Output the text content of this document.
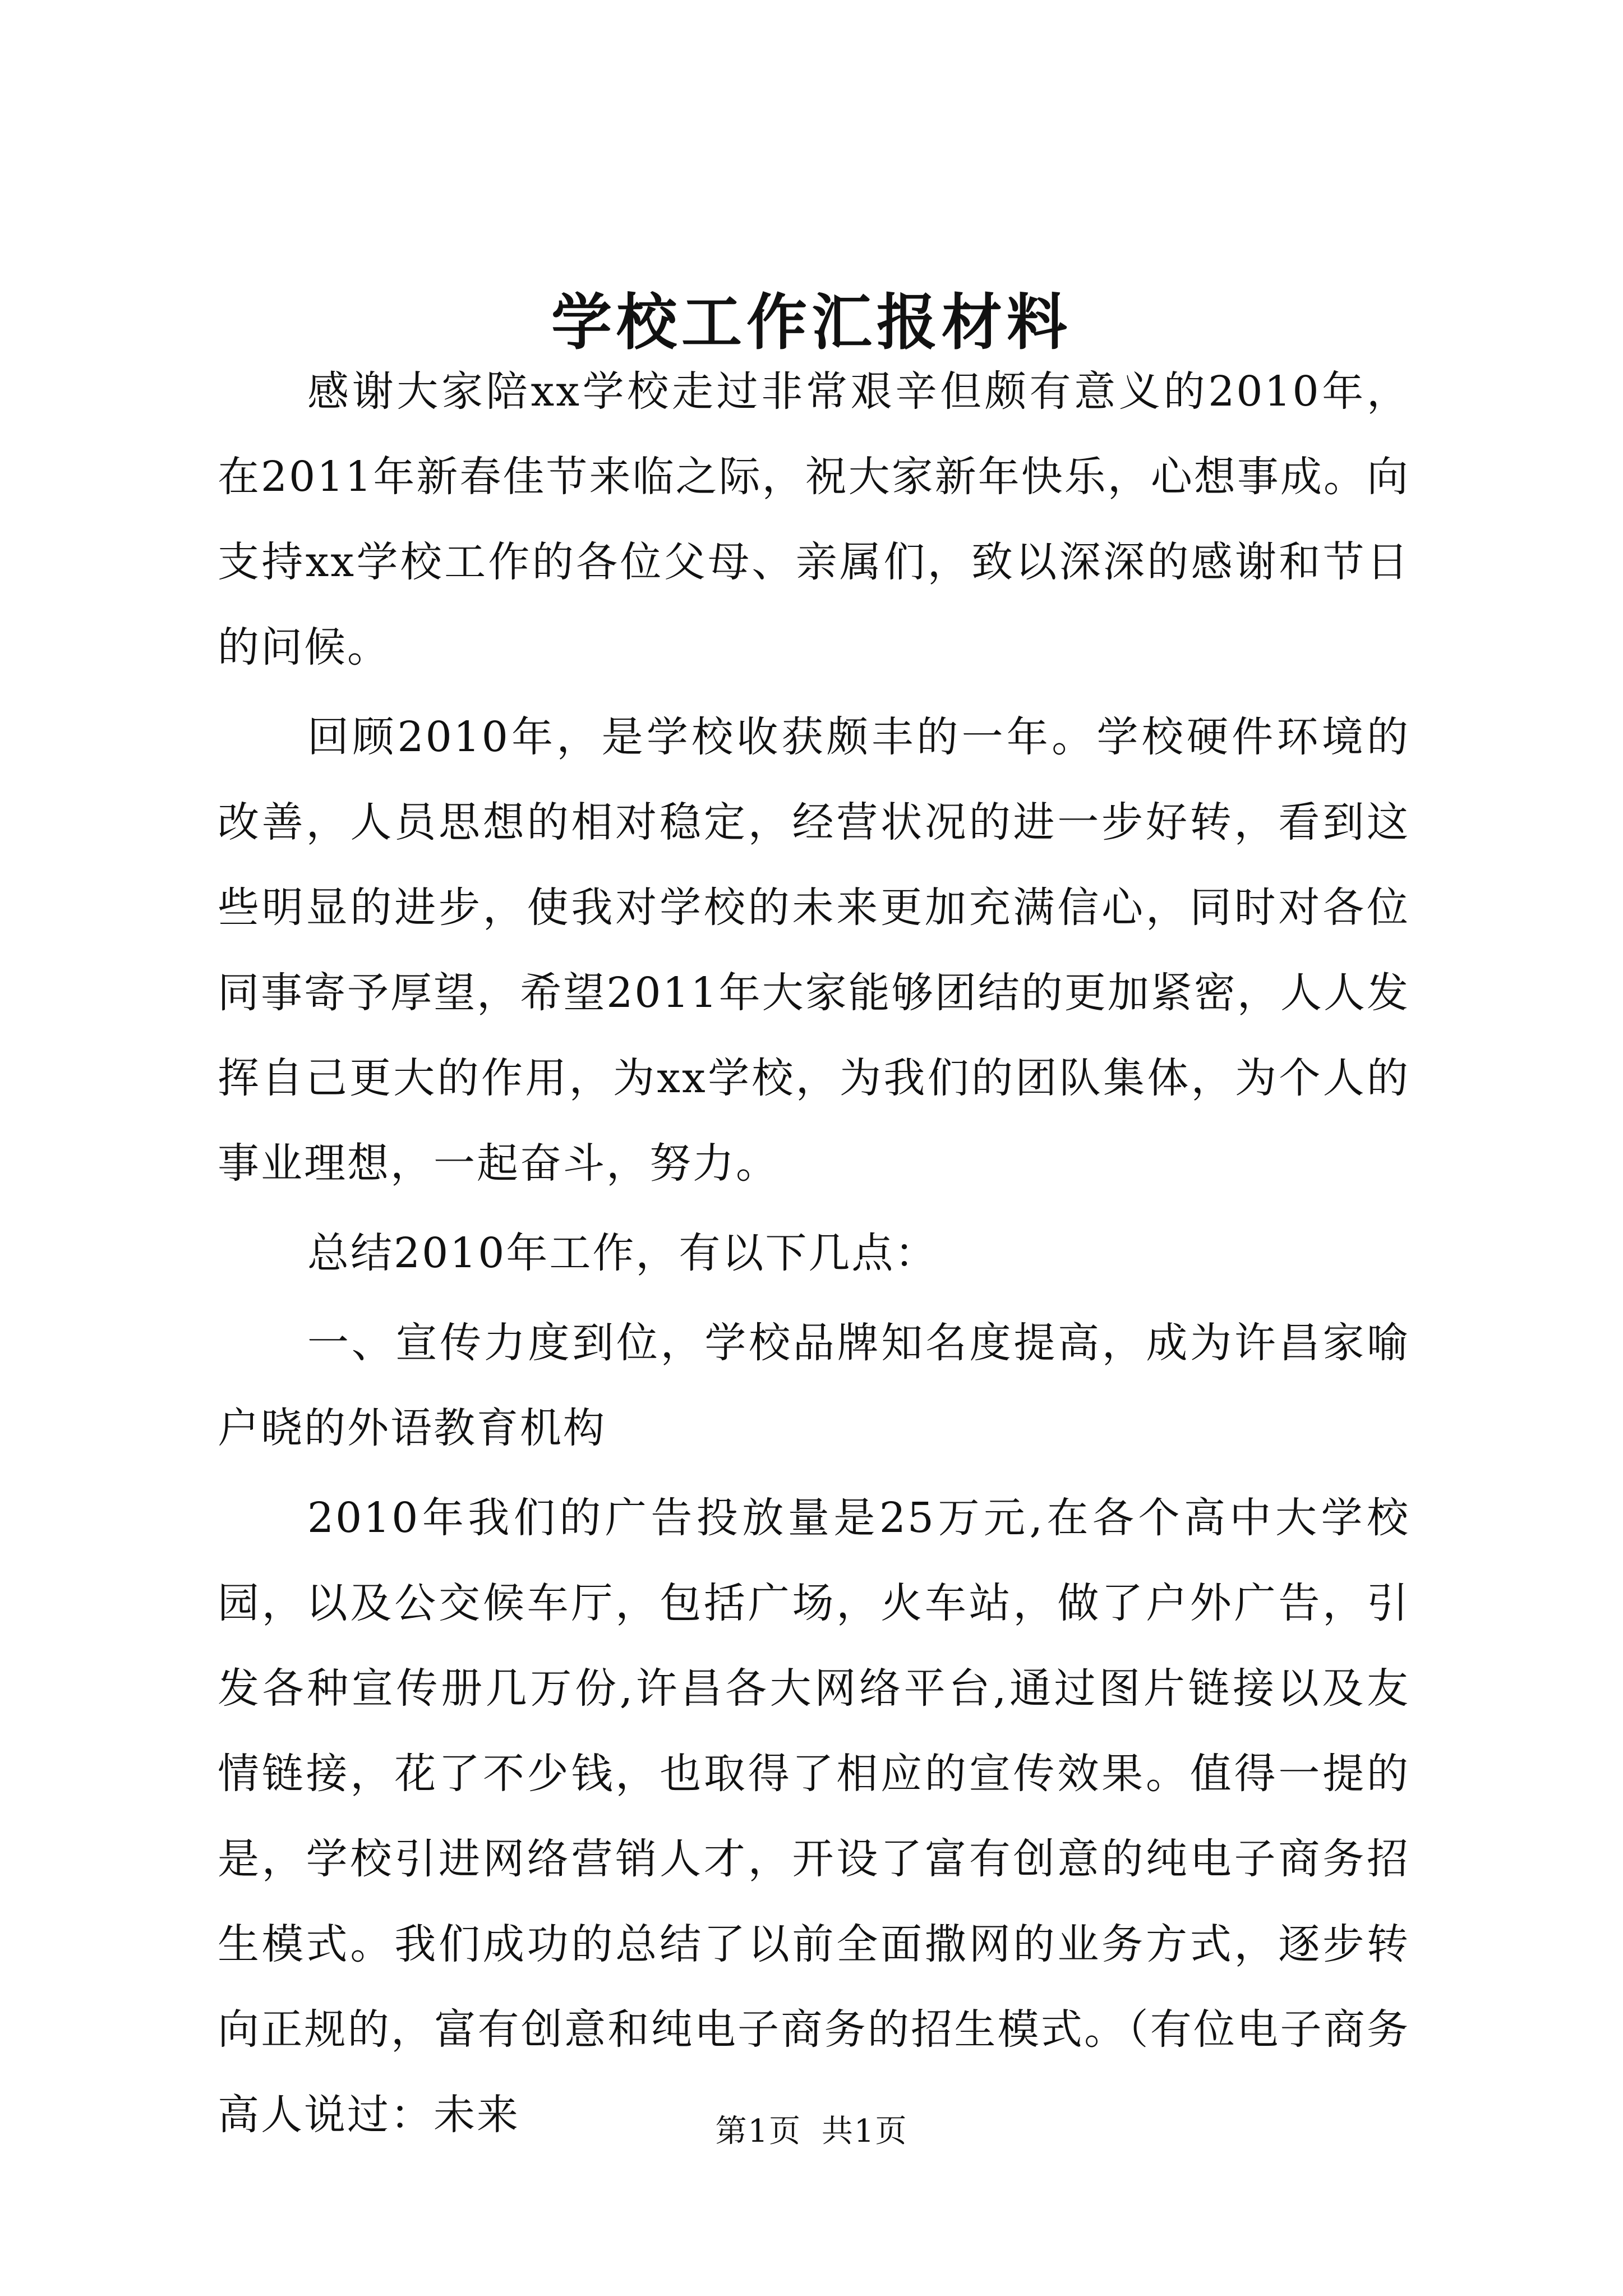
学校工作汇报材料

感谢大家陪xx学校走过非常艰辛但颇有意义的2010年，在2011年新春佳节来临之际，祝大家新年快乐，心想事成。向支持xx学校工作的各位父母、亲属们，致以深深的感谢和节日的问候。

回顾2010年，是学校收获颇丰的一年。学校硬件环境的改善，人员思想的相对稳定，经营状况的进一步好转，看到这些明显的进步，使我对学校的未来更加充满信心，同时对各位同事寄予厚望，希望2011年大家能够团结的更加紧密，人人发挥自己更大的作用，为xx学校，为我们的团队集体，为个人的事业理想，一起奋斗，努力。

总结2010年工作，有以下几点：

一、宣传力度到位，学校品牌知名度提高，成为许昌家喻户晓的外语教育机构

2010年我们的广告投放量是25万元,在各个高中大学校园，以及公交候车厅，包括广场，火车站，做了户外广告，引发各种宣传册几万份,许昌各大网络平台,通过图片链接以及友情链接，花了不少钱，也取得了相应的宣传效果。值得一提的是，学校引进网络营销人才，开设了富有创意的纯电子商务招生模式。我们成功的总结了以前全面撒网的业务方式，逐步转向正规的，富有创意和纯电子商务的招生模式。（有位电子商务高人说过：未来	第1页 共1页
